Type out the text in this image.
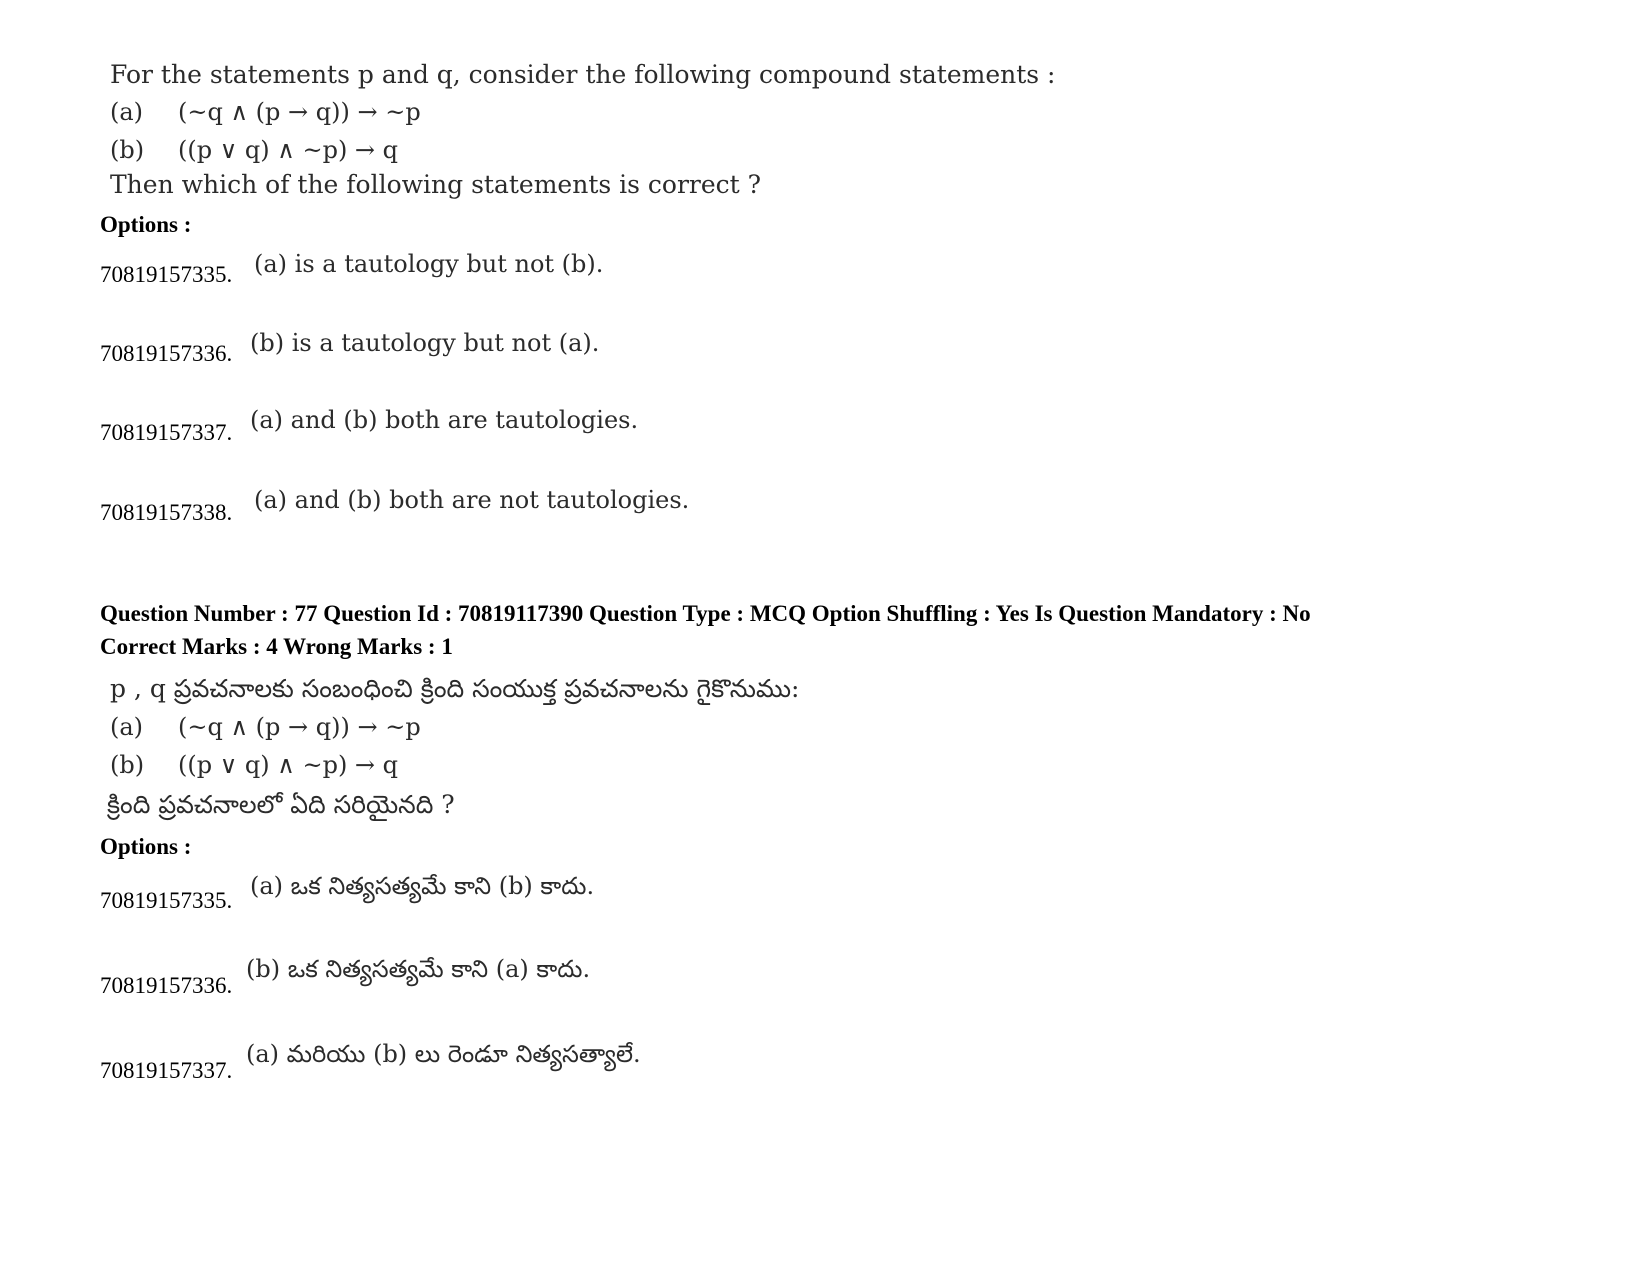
For the statements p and q, consider the following compound statements :
(a) (~q ∧ (p → q)) → ~p
(b) ((p ∨ q) ∧ ~p) → q
Then which of the following statements is correct ?
Options :
70819157335. (a) is a tautology but not (b).
70819157336. (b) is a tautology but not (a).
70819157337. (a) and (b) both are tautologies.
70819157338. (a) and (b) both are not tautologies.
Question Number : 77 Question Id : 70819117390 Question Type : MCQ Option Shuffling : Yes Is Question Mandatory : No
Correct Marks : 4 Wrong Marks : 1
p , q ప్రవచనాలకు సంబంధించి క్రింది సంయుక్త ప్రవచనాలను గైకొనుము:
(a) (~q ∧ (p → q)) → ~p
(b) ((p ∨ q) ∧ ~p) → q
క్రింది ప్రవచనాలలో ఏది సరియైనది ?
Options :
70819157335.
(a) ఒక నిత్యసత్యమే కాని (b) కాదు.
70819157336.
(b) ఒక నిత్యసత్యమే కాని (a) కాదు.
70819157337.
(a) మరియు (b) లు రెండూ నిత్యసత్యాలే.
